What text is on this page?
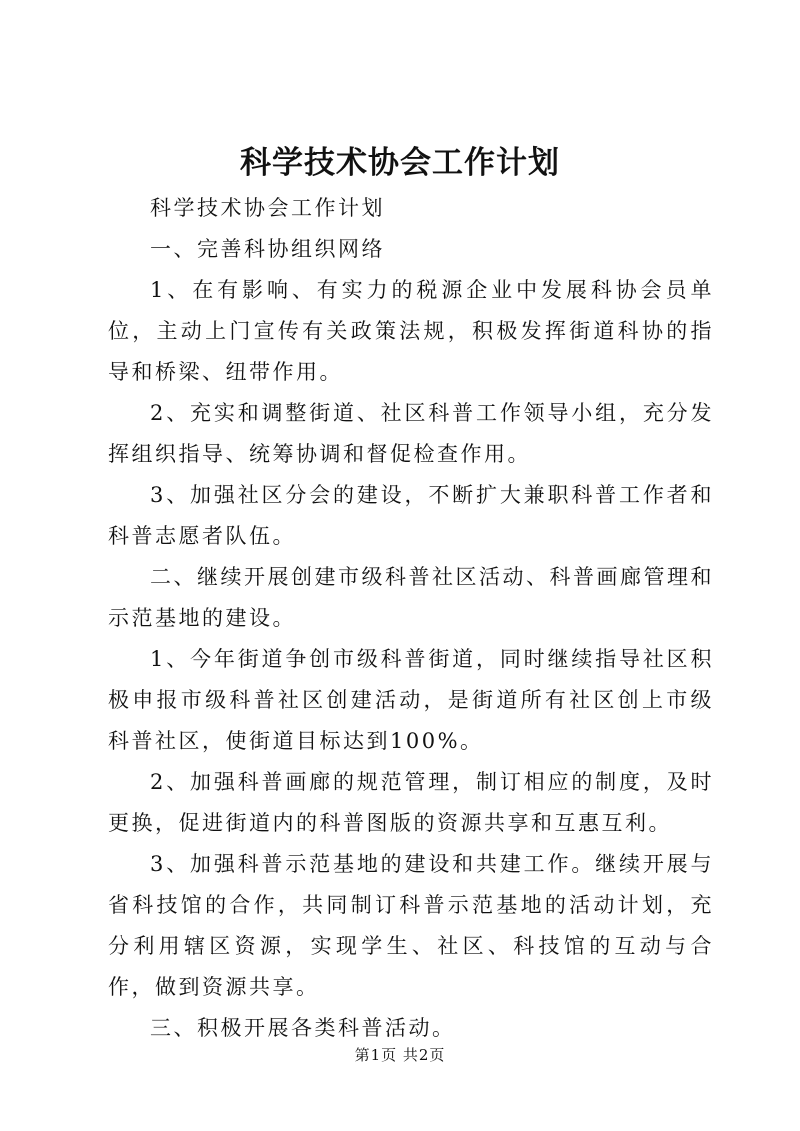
科学技术协会工作计划

科学技术协会工作计划

一、完善科协组织网络

1、在有影响、有实力的税源企业中发展科协会员单位，主动上门宣传有关政策法规，积极发挥街道科协的指导和桥梁、纽带作用。

2、充实和调整街道、社区科普工作领导小组，充分发挥组织指导、统筹协调和督促检查作用。

3、加强社区分会的建设，不断扩大兼职科普工作者和科普志愿者队伍。

二、继续开展创建市级科普社区活动、科普画廊管理和示范基地的建设。

1、今年街道争创市级科普街道，同时继续指导社区积极申报市级科普社区创建活动，是街道所有社区创上市级科普社区，使街道目标达到100%。

2、加强科普画廊的规范管理，制订相应的制度，及时更换，促进街道内的科普图版的资源共享和互惠互利。

3、加强科普示范基地的建设和共建工作。继续开展与省科技馆的合作，共同制订科普示范基地的活动计划，充分利用辖区资源，实现学生、社区、科技馆的互动与合作，做到资源共享。

三、积极开展各类科普活动。

第1页 共2页
